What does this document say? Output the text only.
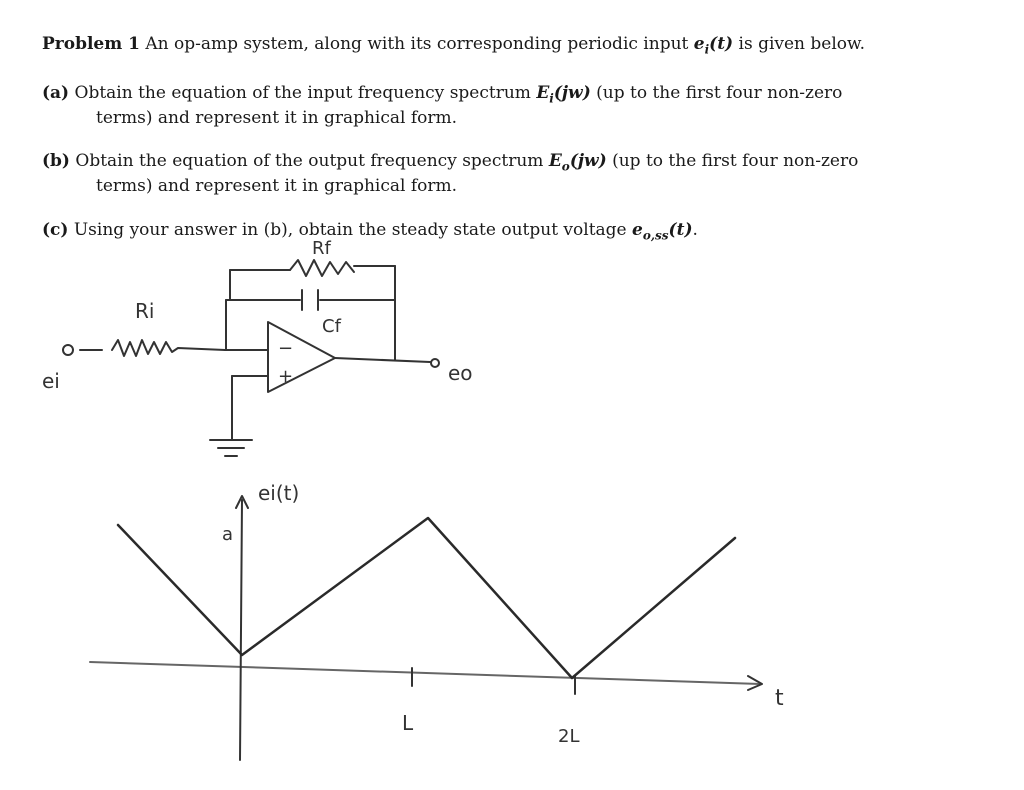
Problem 1 An op-amp system, along with its corresponding periodic input $e_i(t)$ is given below.
(a) Obtain the equation of the input frequency spectrum $E_i(jw)$ (up to the first four non-zero
terms) and represent it in graphical form.
(b) Obtain the equation of the output frequency spectrum $E_o(jw)$ (up to the first four non-zero
terms) and represent it in graphical form.
(c) Using your answer in (b), obtain the steady state output voltage $e_{o,ss}(t)$.
Rf
Ri
Cf
−
+
ei	eo
ei(t)
a
t
L
2L
